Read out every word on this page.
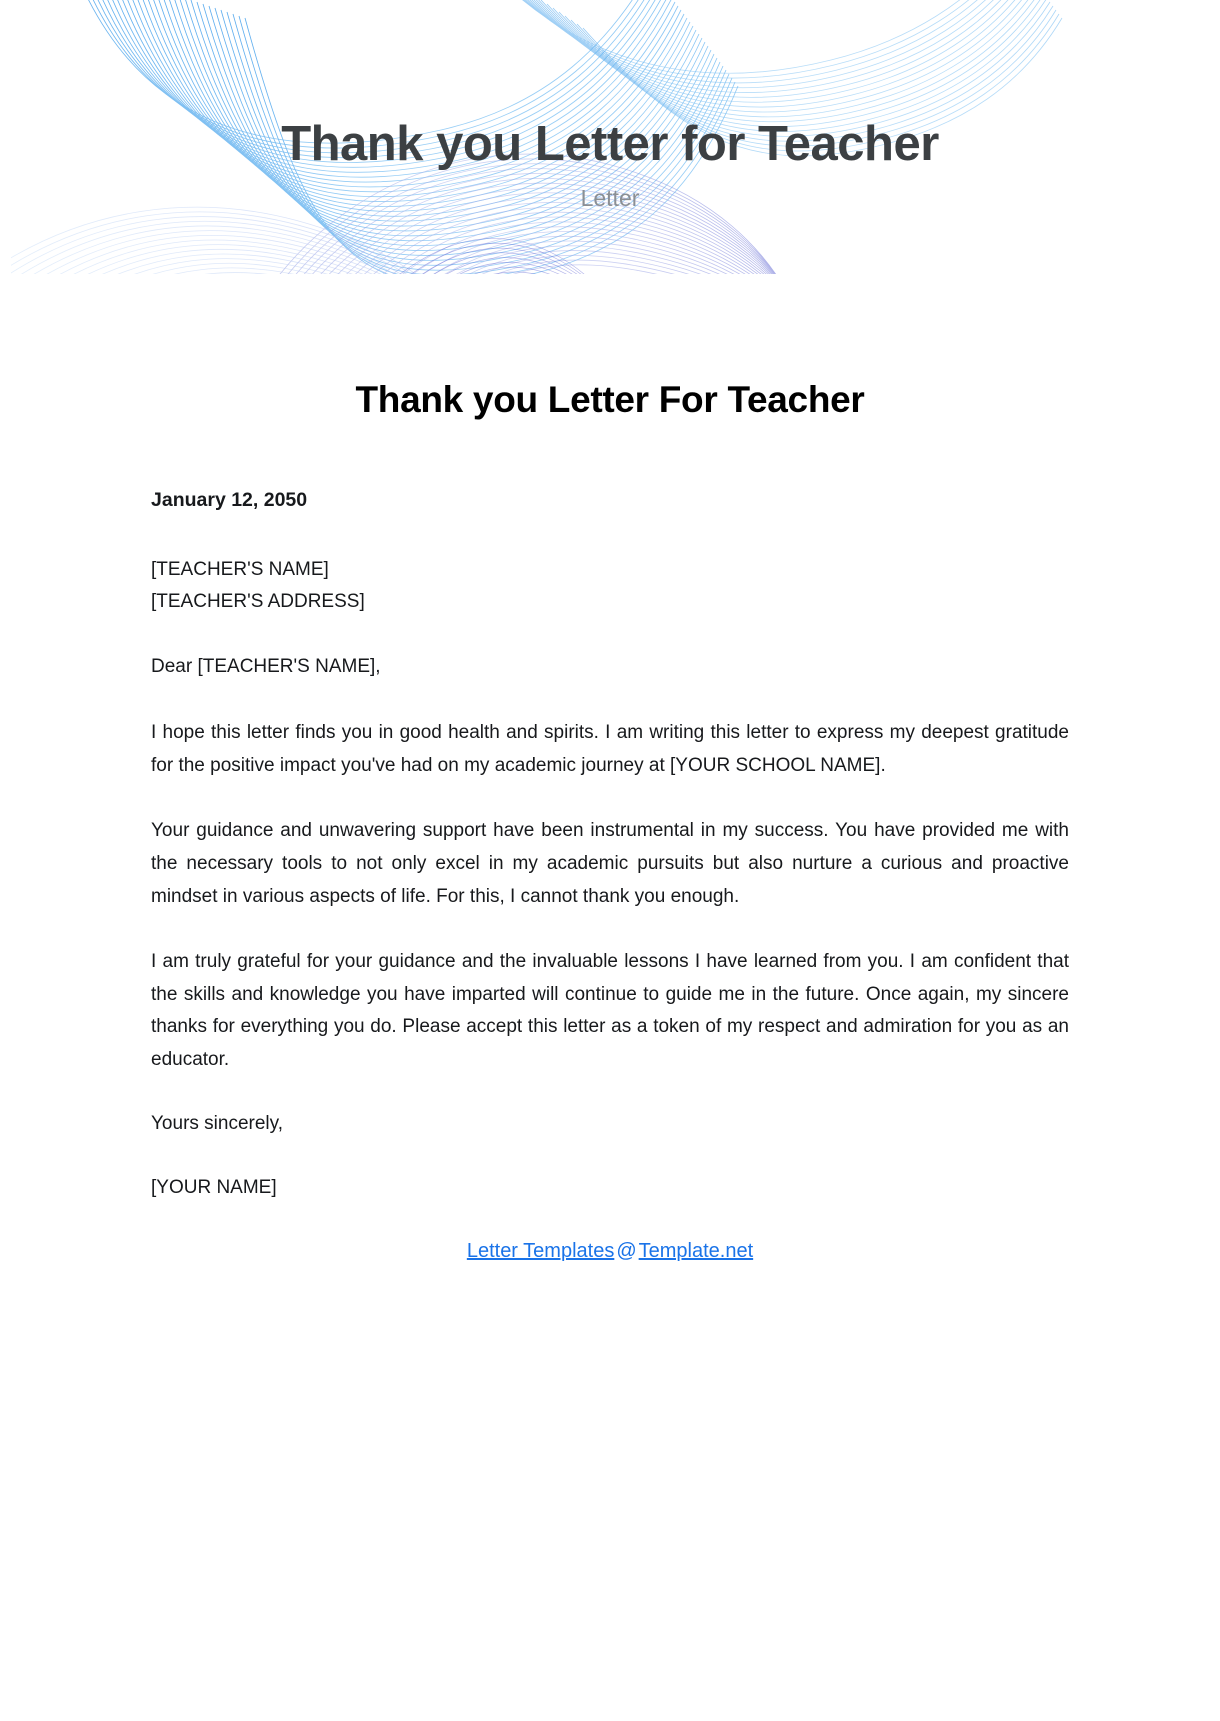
Thank you Letter for Teacher
Letter
Thank you Letter For Teacher
January 12, 2050
[TEACHER'S NAME]
[TEACHER'S ADDRESS]
Dear [TEACHER'S NAME],

I hope this letter finds you in good health and spirits. I am writing this letter to express my deepest gratitude for the positive impact you've had on my academic journey at [YOUR SCHOOL NAME].

Your guidance and unwavering support have been instrumental in my success. You have provided me with the necessary tools to not only excel in my academic pursuits but also nurture a curious and proactive mindset in various aspects of life. For this, I cannot thank you enough.

I am truly grateful for your guidance and the invaluable lessons I have learned from you. I am confident that the skills and knowledge you have imparted will continue to guide me in the future. Once again, my sincere thanks for everything you do. Please accept this letter as a token of my respect and admiration for you as an educator.

Yours sincerely,
[YOUR NAME]
Letter Templates @ Template.net
